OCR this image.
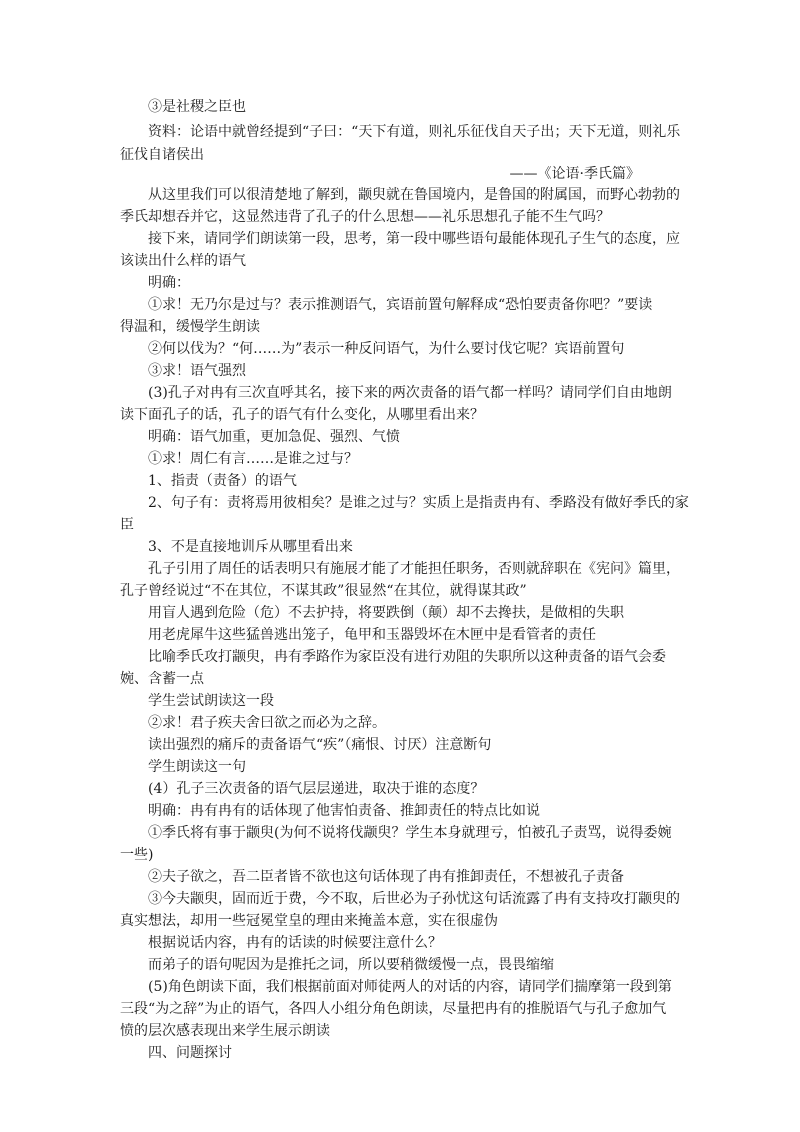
③是社稷之臣也
资料：论语中就曾经提到“子曰：“天下有道，则礼乐征伐自天子出；天下无道，则礼乐
征伐自诸侯出
——《论语·季氏篇》
从这里我们可以很清楚地了解到，颛臾就在鲁国境内，是鲁国的附属国，而野心勃勃的
季氏却想吞并它，这显然违背了孔子的什么思想——礼乐思想孔子能不生气吗？
接下来，请同学们朗读第一段，思考，第一段中哪些语句最能体现孔子生气的态度，应
该读出什么样的语气
明确：
①求！无乃尔是过与？表示推测语气，宾语前置句解释成“恐怕要责备你吧？”要读
得温和，缓慢学生朗读
②何以伐为？“何……为”表示一种反问语气，为什么要讨伐它呢？宾语前置句
③求！语气强烈
(3)孔子对冉有三次直呼其名，接下来的两次责备的语气都一样吗？请同学们自由地朗
读下面孔子的话，孔子的语气有什么变化，从哪里看出来？
明确：语气加重，更加急促、强烈、气愤
①求！周仁有言……是谁之过与？
1、指责（责备）的语气
2、句子有：责将焉用彼相矣？是谁之过与？实质上是指责冉有、季路没有做好季氏的家
臣
3、不是直接地训斥从哪里看出来
孔子引用了周任的话表明只有施展才能了才能担任职务，否则就辞职在《宪问》篇里，
孔子曾经说过“不在其位，不谋其政”很显然“在其位，就得谋其政”
用盲人遇到危险（危）不去护持，将要跌倒（颠）却不去搀扶，是做相的失职
用老虎犀牛这些猛兽逃出笼子，龟甲和玉器毁坏在木匣中是看管者的责任
比喻季氏攻打颛臾，冉有季路作为家臣没有进行劝阻的失职所以这种责备的语气会委
婉、含蓄一点
学生尝试朗读这一段
②求！君子疾夫舍曰欲之而必为之辞。
读出强烈的痛斥的责备语气“疾”（痛恨、讨厌）注意断句
学生朗读这一句
(4）孔子三次责备的语气层层递进，取决于谁的态度？
明确：冉有冉有的话体现了他害怕责备、推卸责任的特点比如说
①季氏将有事于颛臾(为何不说将伐颛臾？学生本身就理亏，怕被孔子责骂，说得委婉
一些)
②夫子欲之，吾二臣者皆不欲也这句话体现了冉有推卸责任，不想被孔子责备
③今夫颛臾，固而近于费，今不取，后世必为子孙忧这句话流露了冉有支持攻打颛臾的
真实想法，却用一些冠冕堂皇的理由来掩盖本意，实在很虚伪
根据说话内容，冉有的话读的时候要注意什么？
而弟子的语句呢因为是推托之词，所以要稍微缓慢一点，畏畏缩缩
(5)角色朗读下面，我们根据前面对师徒两人的对话的内容，请同学们揣摩第一段到第
三段“为之辞”为止的语气，各四人小组分角色朗读，尽量把冉有的推脱语气与孔子愈加气
愤的层次感表现出来学生展示朗读
四、问题探讨
